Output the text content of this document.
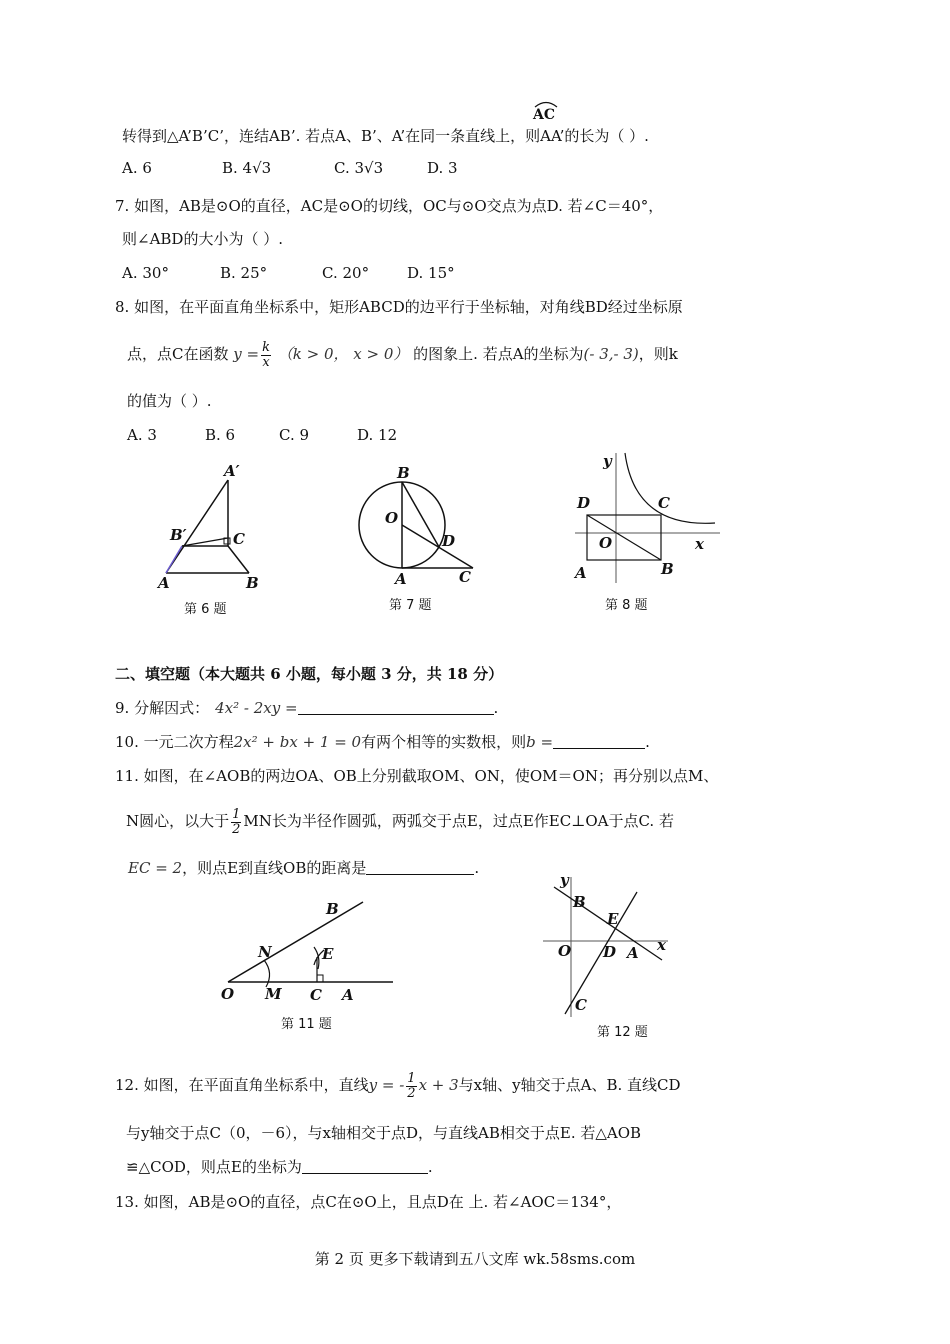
AC
转得到△A’B’C’，连结AB’. 若点A、B’、A’在同一条直线上，则AA’的长为（ ）.
A. 6	B. 4√3	C. 3√3	D. 3
7. 如图，AB是⊙O的直径，AC是⊙O的切线，OC与⊙O交点为点D. 若∠C＝40°，
则∠ABD的大小为（ ）.
A. 30°	B. 25°	C. 20°	D. 15°
8. 如图，在平面直角坐标系中，矩形ABCD的边平行于坐标轴，对角线BD经过坐标原
点，点C在函数 $y = \frac{k}{x} (k > 0$， x > 0） 的图象上. 若点A的坐标为(- 3,- 3)，则k
的值为（ ）.
A. 3	B. 6	C. 9	D. 12
A′
B′	C
A	B
第 6 题
B
O
D
A	C
第 7 题
y
D	C
O	x
A	B
第 8 题
二、填空题（本大题共 6 小题，每小题 3 分，共 18 分）
9. 分解因式： 4x² - 2xy =	.
10. 一元二次方程2x² + bx + 1 = 0有两个相等的实数根，则b =	.
11. 如图，在∠AOB的两边OA、OB上分别截取OM、ON，使OM＝ON；再分别以点M、
N圆心，以大于 $\frac{1}{2}$ MN长为半径作圆弧，两弧交于点E，过点E作EC⊥OA于点C. 若
EC = 2，则点E到直线OB的距离是	.
B
N	E
O M C A
第 11 题
y
B
E
O D A x
C
第 12 题
12. 如图，在平面直角坐标系中，直线y = - $\frac{1}{2}$ x + 3与x轴、y轴交于点A、B. 直线CD
与y轴交于点C（0，－6），与x轴相交于点D，与直线AB相交于点E. 若△AOB
≌△COD，则点E的坐标为	.
13. 如图，AB是⊙O的直径，点C在⊙O上，且点D在 上. 若∠AOC＝134°，
第 2 页 更多下载请到五八文库 wk.58sms.com
